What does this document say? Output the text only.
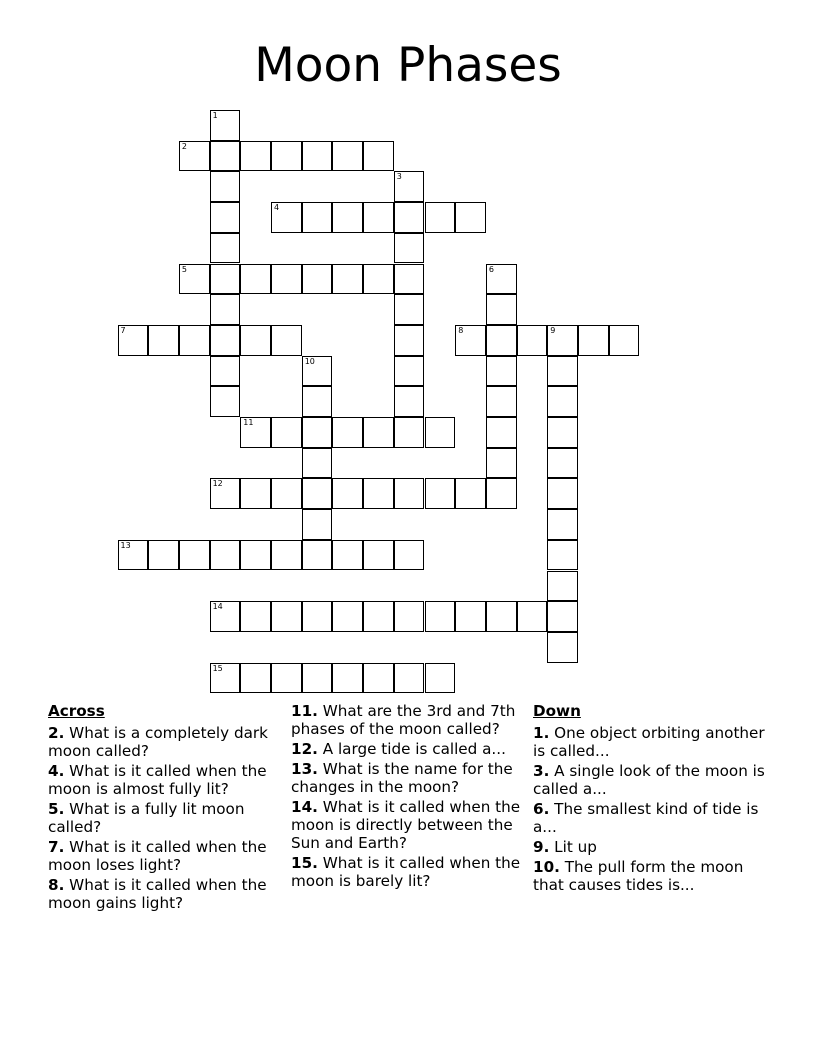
Moon Phases
1
2
3
4
5	6
7	8	9
10
11
12
13
14
15
Across
2. What is a completely dark moon called?
4. What is it called when the moon is almost fully lit?
5. What is a fully lit moon called?
7. What is it called when the moon loses light?
8. What is it called when the moon gains light?
11. What are the 3rd and 7th phases of the moon called?
12. A large tide is called a...
13. What is the name for the changes in the moon?
14. What is it called when the moon is directly between the Sun and Earth?
15. What is it called when the moon is barely lit?
Down
1. One object orbiting another is called...
3. A single look of the moon is called a...
6. The smallest kind of tide is a...
9. Lit up
10. The pull form the moon that causes tides is...
